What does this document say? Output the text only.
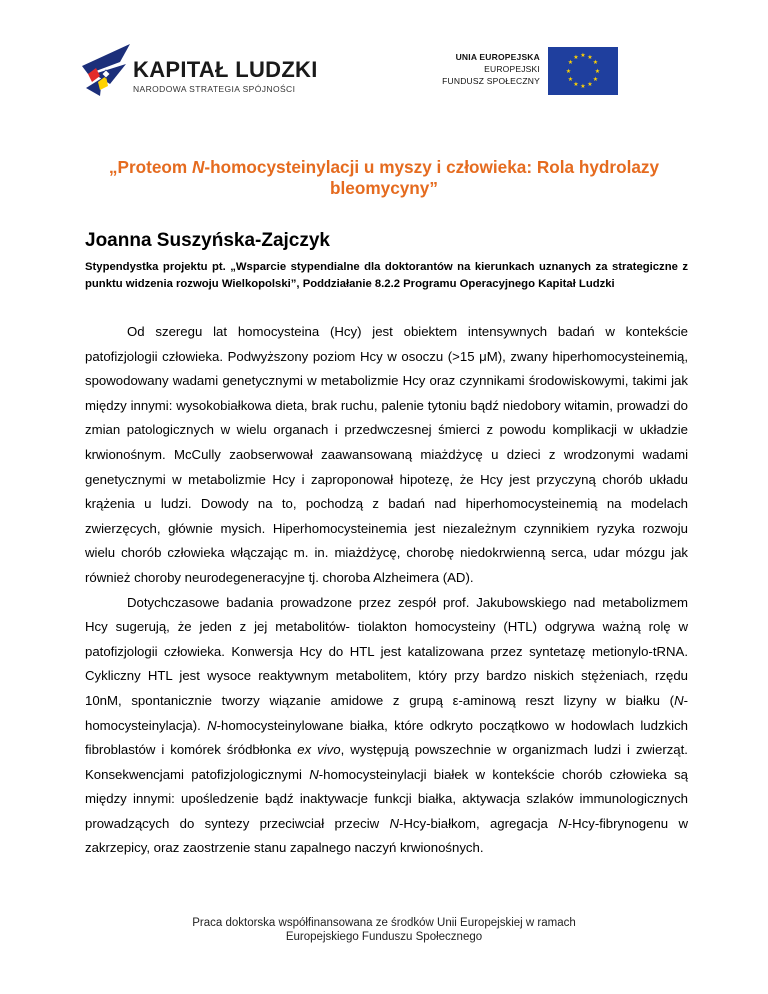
KAPITAŁ LUDZKI
NARODOWA STRATEGIA SPÓJNOŚCI
UNIA EUROPEJSKA
EUROPEJSKI
FUNDUSZ SPOŁECZNY
★ ★
★
★
★
★
★
★
★
★
★
★
„Proteom N-homocysteinylacji u myszy i człowieka: Rola hydrolazy bleomycyny”
Joanna Suszyńska-Zajczyk
Stypendystka projektu pt. „Wsparcie stypendialne dla doktorantów na kierunkach uznanych za strategiczne z punktu widzenia rozwoju Wielkopolski”, Poddziałanie 8.2.2 Programu Operacyjnego Kapitał Ludzki

Od szeregu lat homocysteina (Hcy) jest obiektem intensywnych badań w kontekście patofizjologii człowieka. Podwyższony poziom Hcy w osoczu (>15 μM), zwany hiperhomocysteinemią, spowodowany wadami genetycznymi w metabolizmie Hcy oraz czynnikami środowiskowymi, takimi jak między innymi: wysokobiałkowa dieta, brak ruchu, palenie tytoniu bądź niedobory witamin, prowadzi do zmian patologicznych w wielu organach i przedwczesnej śmierci z powodu komplikacji w układzie krwionośnym. McCully zaobserwował zaawansowaną miażdżycę u dzieci z wrodzonymi wadami genetycznymi w metabolizmie Hcy i zaproponował hipotezę, że Hcy jest przyczyną chorób układu krążenia u ludzi. Dowody na to, pochodzą z badań nad hiperhomocysteinemią na modelach zwierzęcych, głównie mysich. Hiperhomocysteinemia jest niezależnym czynnikiem ryzyka rozwoju wielu chorób człowieka włączając m. in. miażdżycę, chorobę niedokrwienną serca, udar mózgu jak również choroby neurodegeneracyjne tj. choroba Alzheimera (AD).

Dotychczasowe badania prowadzone przez zespół prof. Jakubowskiego nad metabolizmem Hcy sugerują, że jeden z jej metabolitów- tiolakton homocysteiny (HTL) odgrywa ważną rolę w patofizjologii człowieka. Konwersja Hcy do HTL jest katalizowana przez syntetazę metionylo-tRNA. Cykliczny HTL jest wysoce reaktywnym metabolitem, który przy bardzo niskich stężeniach, rzędu 10nM, spontanicznie tworzy wiązanie amidowe z grupą ε-aminową reszt lizyny w białku (N-homocysteinylacja). N-homocysteinylowane białka, które odkryto początkowo w hodowlach ludzkich fibroblastów i komórek śródbłonka ex vivo, występują powszechnie w organizmach ludzi i zwierząt. Konsekwencjami patofizjologicznymi N-homocysteinylacji białek w kontekście chorób człowieka są między innymi: upośledzenie bądź inaktywacje funkcji białka, aktywacja szlaków immunologicznych prowadzących do syntezy przeciwciał przeciw N-Hcy-białkom, agregacja N-Hcy-fibrynogenu w zakrzepicy, oraz zaostrzenie stanu zapalnego naczyń krwionośnych.

Praca doktorska współfinansowana ze środków Unii Europejskiej w ramach
Europejskiego Funduszu Społecznego
